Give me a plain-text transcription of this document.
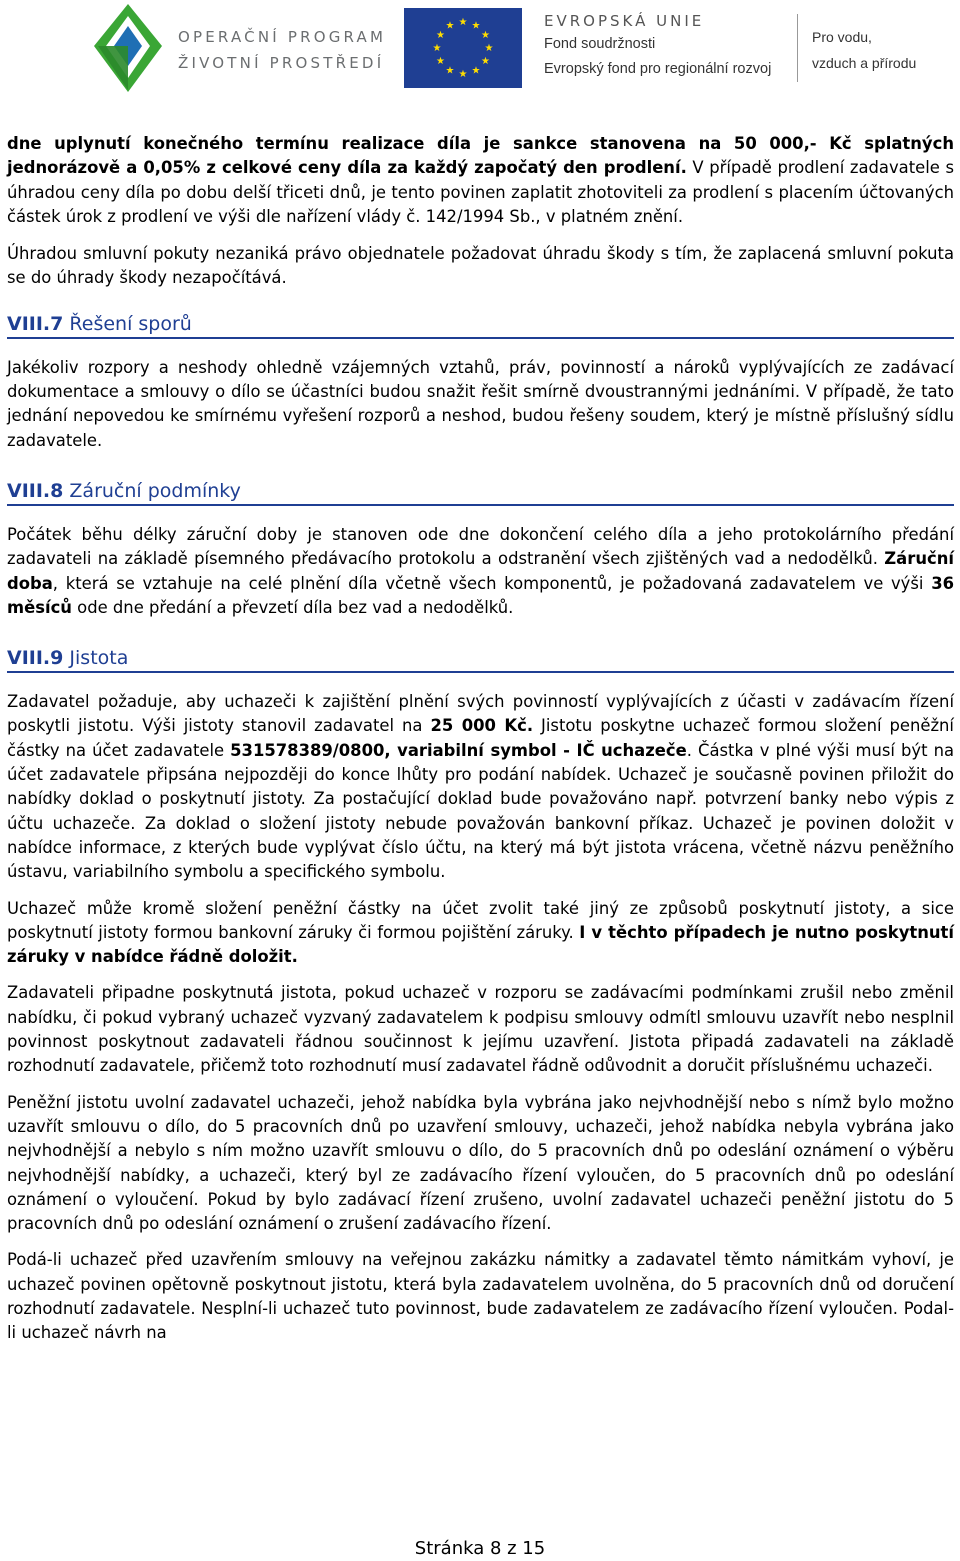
OPERAČNÍ PROGRAM
ŽIVOTNÍ PROSTŘEDÍ
★ ★
★
★
★
★
★
★
★
★
★
★	EVROPSKÁ UNIE
Fond soudržnosti
Evropský fond pro regionální rozvoj
Pro vodu,
vzduch a přírodu

dne uplynutí konečného termínu realizace díla je sankce stanovena na 50 000,- Kč splatných jednorázově a 0,05% z celkové ceny díla za každý započatý den prodlení. V případě prodlení zadavatele s úhradou ceny díla po dobu delší třiceti dnů, je tento povinen zaplatit zhotoviteli za prodlení s placením účtovaných částek úrok z prodlení ve výši dle nařízení vlády č. 142/1994 Sb., v platném znění.

Úhradou smluvní pokuty nezaniká právo objednatele požadovat úhradu škody s tím, že zaplacená smluvní pokuta se do úhrady škody nezapočítává.

VIII.7 Řešení sporů

Jakékoliv rozpory a neshody ohledně vzájemných vztahů, práv, povinností a nároků vyplývajících ze zadávací dokumentace a smlouvy o dílo se účastníci budou snažit řešit smírně dvoustrannými jednáními. V případě, že tato jednání nepovedou ke smírnému vyřešení rozporů a neshod, budou řešeny soudem, který je místně příslušný sídlu zadavatele.

VIII.8 Záruční podmínky

Počátek běhu délky záruční doby je stanoven ode dne dokončení celého díla a jeho protokolárního předání zadavateli na základě písemného předávacího protokolu a odstranění všech zjištěných vad a nedodělků. Záruční doba, která se vztahuje na celé plnění díla včetně všech komponentů, je požadovaná zadavatelem ve výši 36 měsíců ode dne předání a převzetí díla bez vad a nedodělků.

VIII.9 Jistota

Zadavatel požaduje, aby uchazeči k zajištění plnění svých povinností vyplývajících z účasti v zadávacím řízení poskytli jistotu. Výši jistoty stanovil zadavatel na 25 000 Kč. Jistotu poskytne uchazeč formou složení peněžní částky na účet zadavatele 531578389/0800, variabilní symbol - IČ uchazeče. Částka v plné výši musí být na účet zadavatele připsána nejpozději do konce lhůty pro podání nabídek. Uchazeč je současně povinen přiložit do nabídky doklad o poskytnutí jistoty. Za postačující doklad bude považováno např. potvrzení banky nebo výpis z účtu uchazeče. Za doklad o složení jistoty nebude považován bankovní příkaz. Uchazeč je povinen doložit v nabídce informace, z kterých bude vyplývat číslo účtu, na který má být jistota vrácena, včetně názvu peněžního ústavu, variabilního symbolu a specifického symbolu.

Uchazeč může kromě složení peněžní částky na účet zvolit také jiný ze způsobů poskytnutí jistoty, a sice poskytnutí jistoty formou bankovní záruky či formou pojištění záruky. I v těchto případech je nutno poskytnutí záruky v nabídce řádně doložit.

Zadavateli připadne poskytnutá jistota, pokud uchazeč v rozporu se zadávacími podmínkami zrušil nebo změnil nabídku, či pokud vybraný uchazeč vyzvaný zadavatelem k podpisu smlouvy odmítl smlouvu uzavřít nebo nesplnil povinnost poskytnout zadavateli řádnou součinnost k jejímu uzavření. Jistota připadá zadavateli na základě rozhodnutí zadavatele, přičemž toto rozhodnutí musí zadavatel řádně odůvodnit a doručit příslušnému uchazeči.

Peněžní jistotu uvolní zadavatel uchazeči, jehož nabídka byla vybrána jako nejvhodnější nebo s nímž bylo možno uzavřít smlouvu o dílo, do 5 pracovních dnů po uzavření smlouvy, uchazeči, jehož nabídka nebyla vybrána jako nejvhodnější a nebylo s ním možno uzavřít smlouvu o dílo, do 5 pracovních dnů po odeslání oznámení o výběru nejvhodnější nabídky, a uchazeči, který byl ze zadávacího řízení vyloučen, do 5 pracovních dnů po odeslání oznámení o vyloučení. Pokud by bylo zadávací řízení zrušeno, uvolní zadavatel uchazeči peněžní jistotu do 5 pracovních dnů po odeslání oznámení o zrušení zadávacího řízení.

Podá-li uchazeč před uzavřením smlouvy na veřejnou zakázku námitky a zadavatel těmto námitkám vyhoví, je uchazeč povinen opětovně poskytnout jistotu, která byla zadavatelem uvolněna, do 5 pracovních dnů od doručení rozhodnutí zadavatele. Nesplní-li uchazeč tuto povinnost, bude zadavatelem ze zadávacího řízení vyloučen. Podal-li uchazeč návrh na

Stránka 8 z 15
